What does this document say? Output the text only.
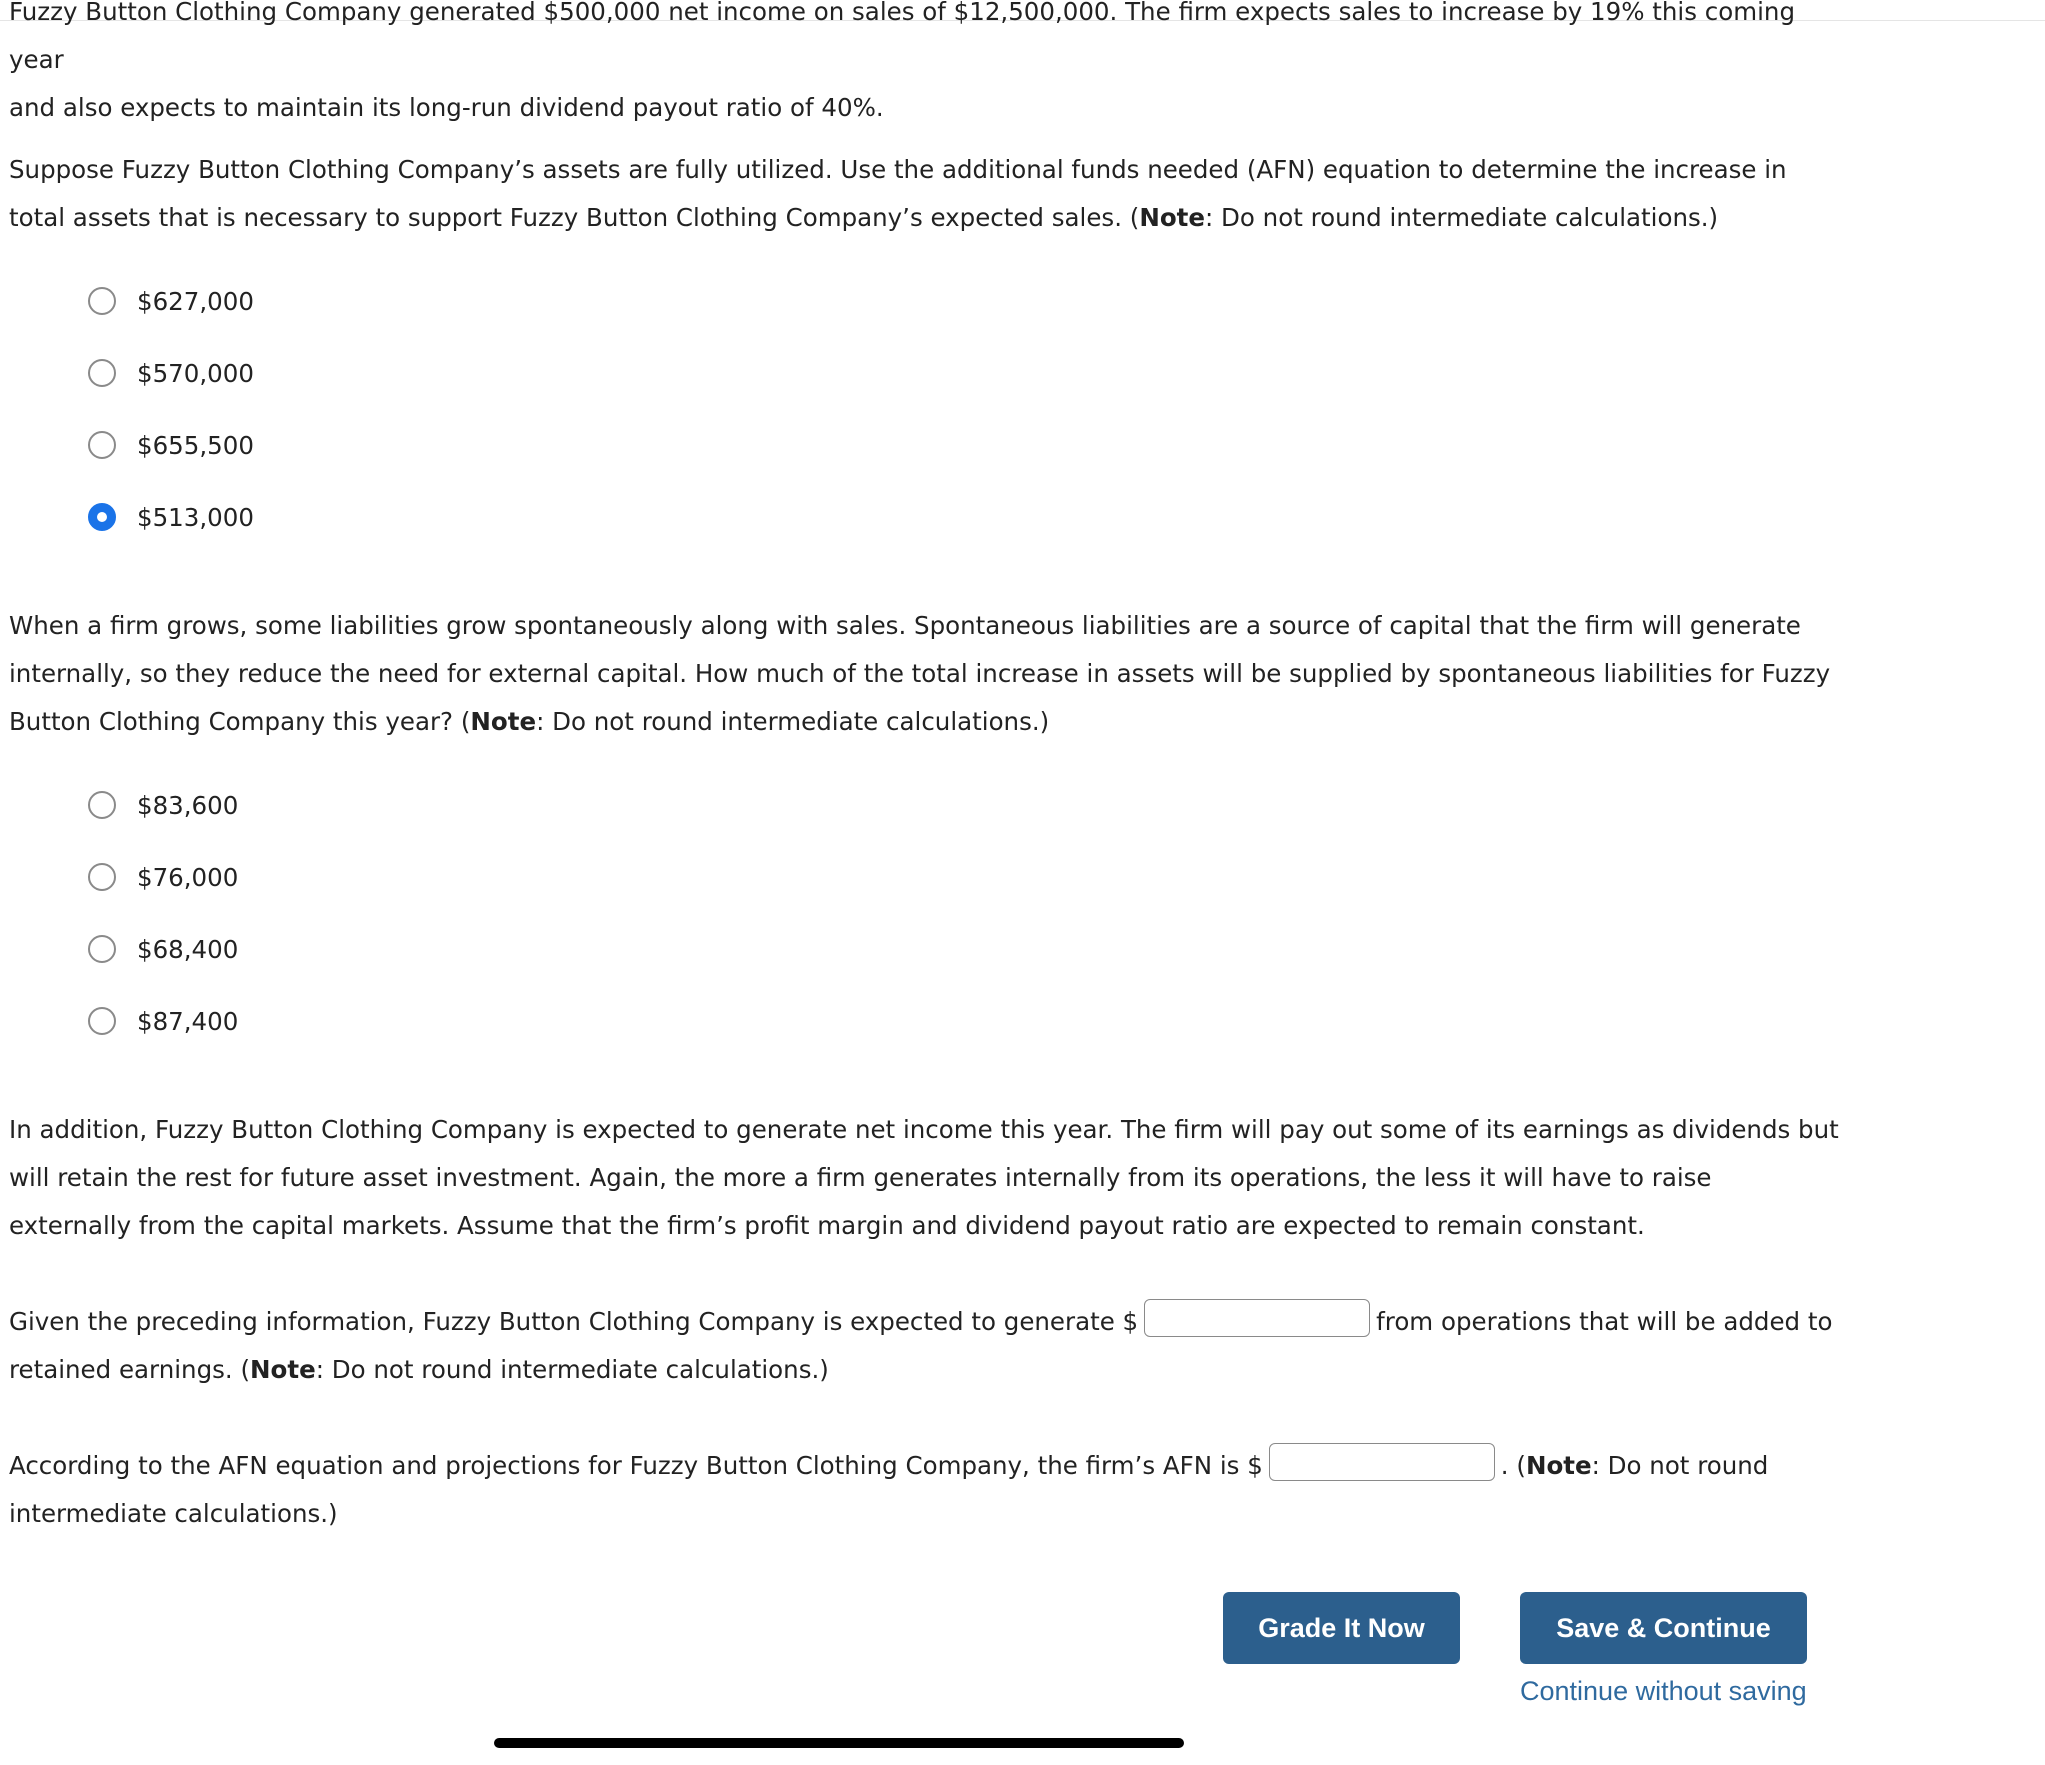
Fuzzy Button Clothing Company generated $500,000 net income on sales of $12,500,000. The firm expects sales to increase by 19% this coming year
and also expects to maintain its long-run dividend payout ratio of 40%.

Suppose Fuzzy Button Clothing Company’s assets are fully utilized. Use the additional funds needed (AFN) equation to determine the increase in total assets that is necessary to support Fuzzy Button Clothing Company’s expected sales. (Note: Do not round intermediate calculations.)

$627,000
$570,000
$655,500
$513,000

When a firm grows, some liabilities grow spontaneously along with sales. Spontaneous liabilities are a source of capital that the firm will generate internally, so they reduce the need for external capital. How much of the total increase in assets will be supplied by spontaneous liabilities for Fuzzy Button Clothing Company this year? (Note: Do not round intermediate calculations.)

$83,600
$76,000
$68,400
$87,400

In addition, Fuzzy Button Clothing Company is expected to generate net income this year. The firm will pay out some of its earnings as dividends but will retain the rest for future asset investment. Again, the more a firm generates internally from its operations, the less it will have to raise externally from the capital markets. Assume that the firm’s profit margin and dividend payout ratio are expected to remain constant.

Given the preceding information, Fuzzy Button Clothing Company is expected to generate $	from operations that will be added to retained earnings. (Note: Do not round intermediate calculations.)

According to the AFN equation and projections for Fuzzy Button Clothing Company, the firm’s AFN is $	. (Note: Do not round intermediate calculations.)

Grade It Now	Save & Continue
Continue without saving
